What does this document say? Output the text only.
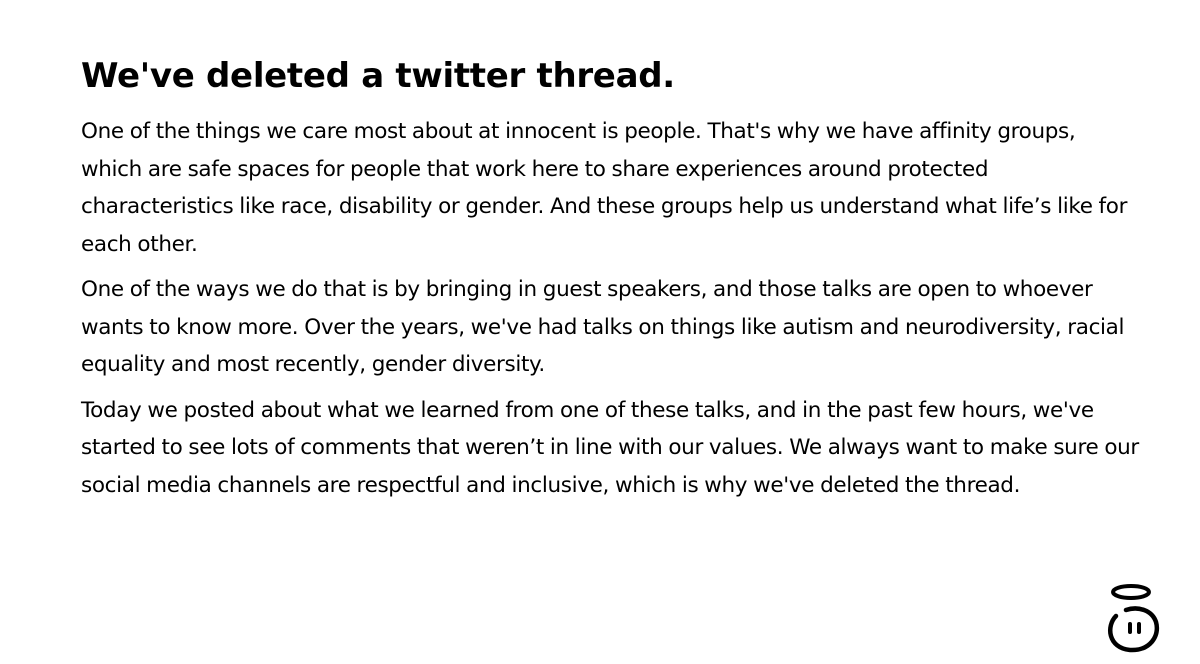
We've deleted a twitter thread.

One of the things we care most about at innocent is people. That's why we have affinity groups, which are safe spaces for people that work here to share experiences around protected characteristics like race, disability or gender. And these groups help us understand what life’s like for each other.

One of the ways we do that is by bringing in guest speakers, and those talks are open to whoever wants to know more. Over the years, we've had talks on things like autism and neurodiversity, racial equality and most recently, gender diversity.

Today we posted about what we learned from one of these talks, and in the past few hours, we've started to see lots of comments that weren’t in line with our values. We always want to make sure our social media channels are respectful and inclusive, which is why we've deleted the thread.
